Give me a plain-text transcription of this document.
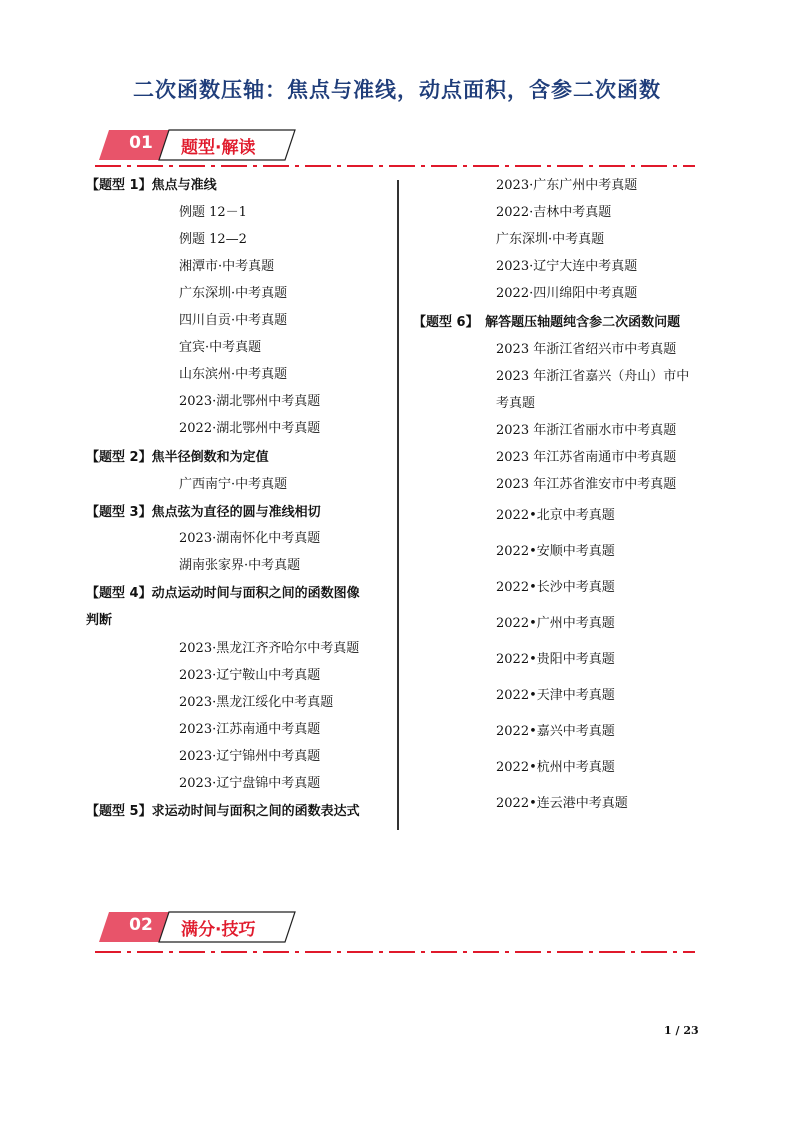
二次函数压轴：焦点与准线，动点面积，含参二次函数
01	题型·解读
【题型 1】焦点与准线
例题 12－1
例题 12—2
湘潭市·中考真题
广东深圳·中考真题
四川自贡·中考真题
宜宾·中考真题
山东滨州·中考真题
2023·湖北鄂州中考真题
2022·湖北鄂州中考真题
【题型 2】焦半径倒数和为定值
广西南宁·中考真题
【题型 3】焦点弦为直径的圆与准线相切
2023·湖南怀化中考真题
湖南张家界·中考真题
【题型 4】动点运动时间与面积之间的函数图像
判断
2023·黑龙江齐齐哈尔中考真题
2023·辽宁鞍山中考真题
2023·黑龙江绥化中考真题
2023·江苏南通中考真题
2023·辽宁锦州中考真题
2023·辽宁盘锦中考真题
【题型 5】求运动时间与面积之间的函数表达式
2023·广东广州中考真题
2022·吉林中考真题
广东深圳·中考真题
2023·辽宁大连中考真题
2022·四川绵阳中考真题
【题型 6】　解答题压轴题纯含参二次函数问题
2023 年浙江省绍兴市中考真题
2023 年浙江省嘉兴（舟山）市中
考真题
2023 年浙江省丽水市中考真题
2023 年江苏省南通市中考真题
2023 年江苏省淮安市中考真题
2022•北京中考真题
2022•安顺中考真题
2022•长沙中考真题
2022•广州中考真题
2022•贵阳中考真题
2022•天津中考真题
2022•嘉兴中考真题
2022•杭州中考真题
2022•连云港中考真题
02	满分·技巧
1 / 23
